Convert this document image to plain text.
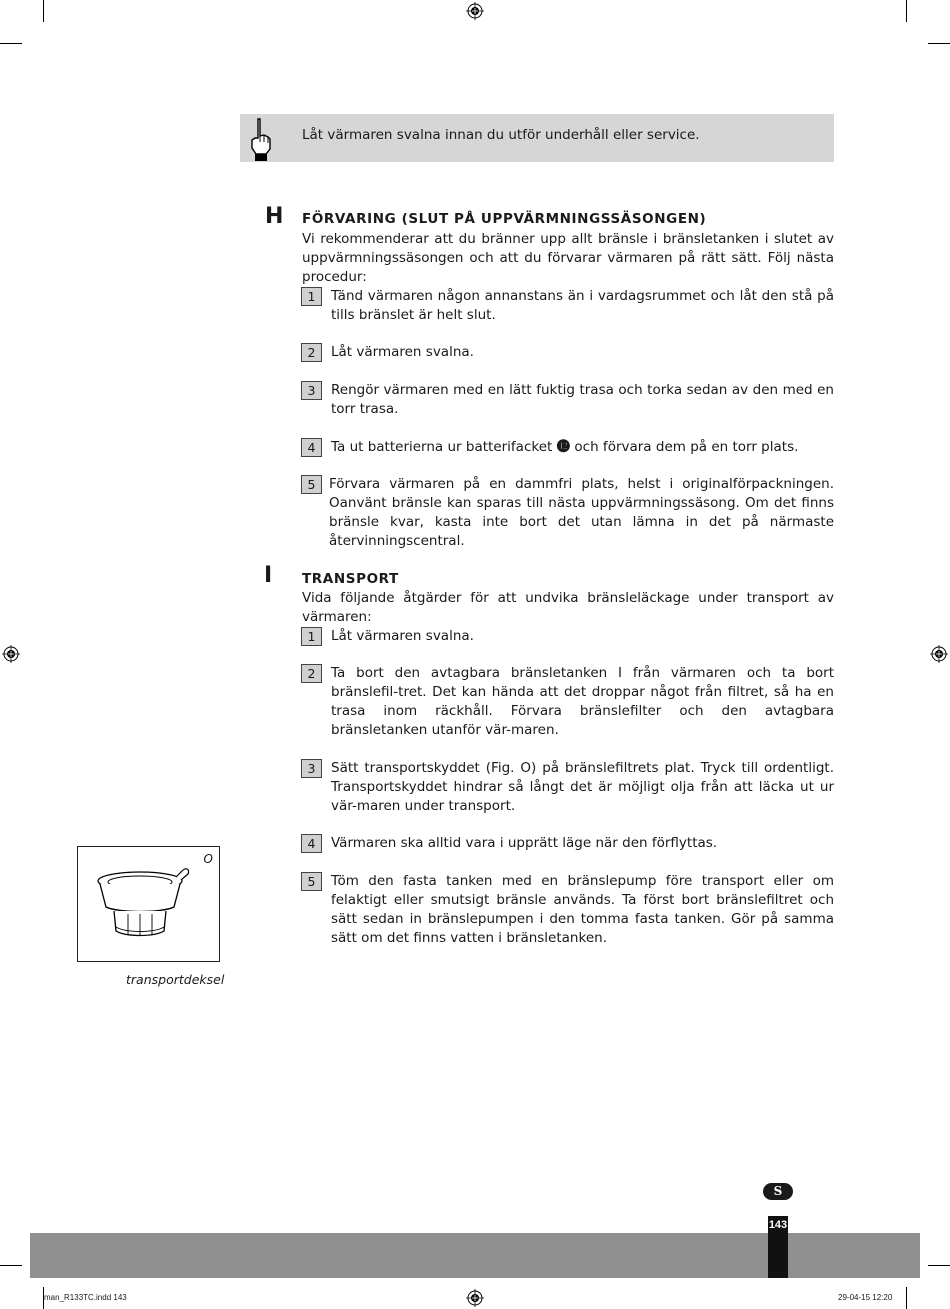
Låt värmaren svalna innan du utför underhåll eller service.
H FÖRVARING (SLUT PÅ UPPVÄRMNINGSSÄSONGEN)
Vi rekommenderar att du bränner upp allt bränsle i bränsletanken i slutet av uppvärmningssäsongen och att du förvarar värmaren på rätt sätt. Följ nästa procedur:
1	Tänd värmaren någon annanstans än i vardagsrummet och låt den stå på tills bränslet är helt slut.
2	Låt värmaren svalna.
3	Rengör värmaren med en lätt fuktig trasa och torka sedan av den med en torr trasa.
4	Ta ut batterierna ur batterifacket ⓬ och förvara dem på en torr plats.
5	Förvara värmaren på en dammfri plats, helst i originalförpackningen. Oanvänt bränsle kan sparas till nästa uppvärmningssäsong. Om det finns bränsle kvar, kasta inte bort det utan lämna in det på närmaste återvinningscentral.
I TRANSPORT
Vida följande åtgärder för att undvika bränsleläckage under transport av värmaren:
1	Låt värmaren svalna.
2	Ta bort den avtagbara bränsletanken I från värmaren och ta bort bränslefil-tret. Det kan hända att det droppar något från filtret, så ha en trasa inom räckhåll. Förvara bränslefilter och den avtagbara bränsletanken utanför vär-maren.
3	Sätt transportskyddet (Fig. O) på bränslefiltrets plat. Tryck till ordentligt. Transportskyddet hindrar så långt det är möjligt olja från att läcka ut ur vär-maren under transport.
4	Värmaren ska alltid vara i upprätt läge när den förflyttas.
5	Töm den fasta tanken med en bränslepump före transport eller om felaktigt eller smutsigt bränsle används. Ta först bort bränslefiltret och sätt sedan in bränslepumpen i den tomma fasta tanken. Gör på samma sätt om det finns vatten i bränsletanken.
O
transportdeksel
S
143
man_R133TC.indd 143	29-04-15 12:20
